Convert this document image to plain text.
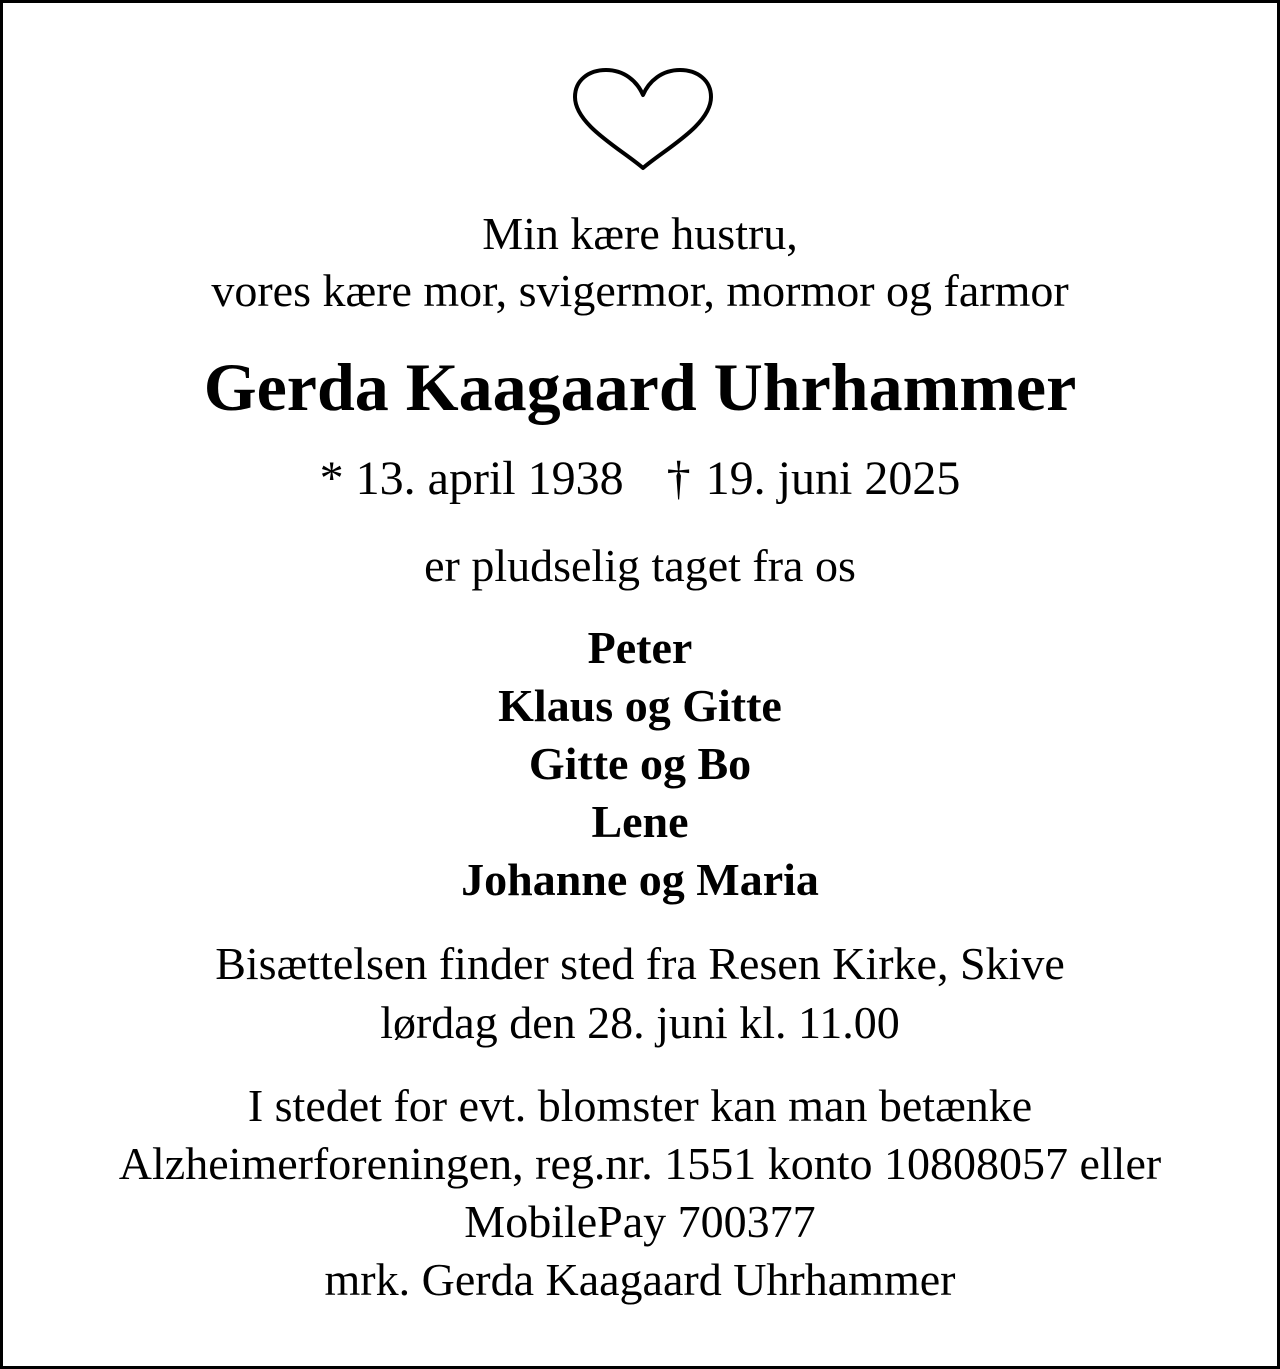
Min kære hustru,
vores kære mor, svigermor, mormor og farmor
Gerda Kaagaard Uhrhammer
* 13. april 1938 † 19. juni 2025
er pludselig taget fra os
Peter
Klaus og Gitte
Gitte og Bo
Lene
Johanne og Maria
Bisættelsen finder sted fra Resen Kirke, Skive
lørdag den 28. juni kl. 11.00
I stedet for evt. blomster kan man betænke
Alzheimerforeningen, reg.nr. 1551 konto 10808057 eller
MobilePay 700377
mrk. Gerda Kaagaard Uhrhammer
